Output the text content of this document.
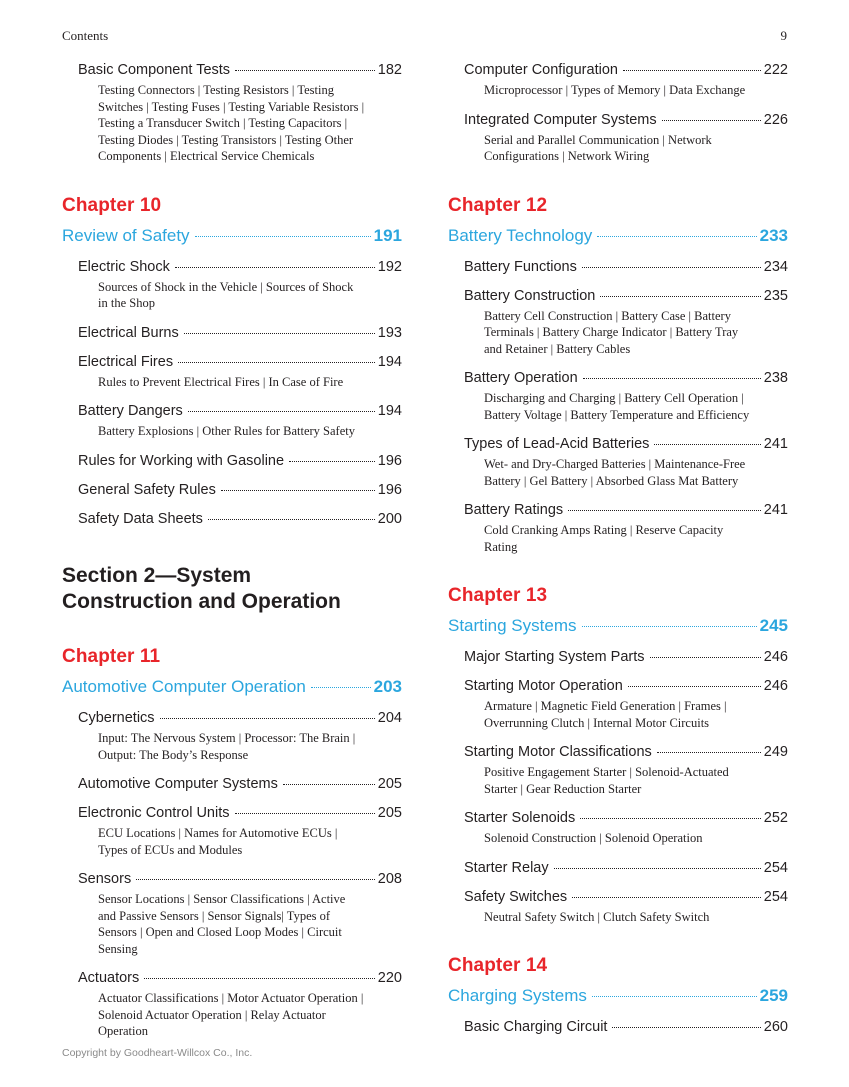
Contents	9
Basic Component Tests	182
Testing Connectors | Testing Resistors | Testing Switches | Testing Fuses | Testing Variable Resistors | Testing a Transducer Switch | Testing Capacitors | Testing Diodes | Testing Transistors | Testing Other Components | Electrical Service Chemicals
Chapter 10
Review of Safety	191
Electric Shock	192
Sources of Shock in the Vehicle | Sources of Shock in the Shop
Electrical Burns	193
Electrical Fires	194
Rules to Prevent Electrical Fires | In Case of Fire
Battery Dangers	194
Battery Explosions | Other Rules for Battery Safety
Rules for Working with Gasoline	196
General Safety Rules	196
Safety Data Sheets	200
Section 2—System Construction and Operation
Chapter 11
Automotive Computer Operation	203
Cybernetics	204
Input: The Nervous System | Processor: The Brain | Output: The Body’s Response
Automotive Computer Systems	205
Electronic Control Units	205
ECU Locations | Names for Automotive ECUs | Types of ECUs and Modules
Sensors	208
Sensor Locations | Sensor Classifications | Active and Passive Sensors | Sensor Signals| Types of Sensors | Open and Closed Loop Modes | Circuit Sensing
Actuators	220
Actuator Classifications | Motor Actuator Operation | Solenoid Actuator Operation | Relay Actuator Operation
Computer Configuration	222
Microprocessor | Types of Memory | Data Exchange
Integrated Computer Systems	226
Serial and Parallel Communication | Network Configurations | Network Wiring
Chapter 12
Battery Technology	233
Battery Functions	234
Battery Construction	235
Battery Cell Construction | Battery Case | Battery Terminals | Battery Charge Indicator | Battery Tray and Retainer | Battery Cables
Battery Operation	238
Discharging and Charging | Battery Cell Operation | Battery Voltage | Battery Temperature and Efficiency
Types of Lead-Acid Batteries	241
Wet- and Dry-Charged Batteries | Maintenance-Free Battery | Gel Battery | Absorbed Glass Mat Battery
Battery Ratings	241
Cold Cranking Amps Rating | Reserve Capacity Rating
Chapter 13
Starting Systems	245
Major Starting System Parts	246
Starting Motor Operation	246
Armature | Magnetic Field Generation | Frames | Overrunning Clutch | Internal Motor Circuits
Starting Motor Classifications	249
Positive Engagement Starter | Solenoid-Actuated Starter | Gear Reduction Starter
Starter Solenoids	252
Solenoid Construction | Solenoid Operation
Starter Relay	254
Safety Switches	254
Neutral Safety Switch | Clutch Safety Switch
Chapter 14
Charging Systems	259
Basic Charging Circuit	260
Copyright by Goodheart-Willcox Co., Inc.
